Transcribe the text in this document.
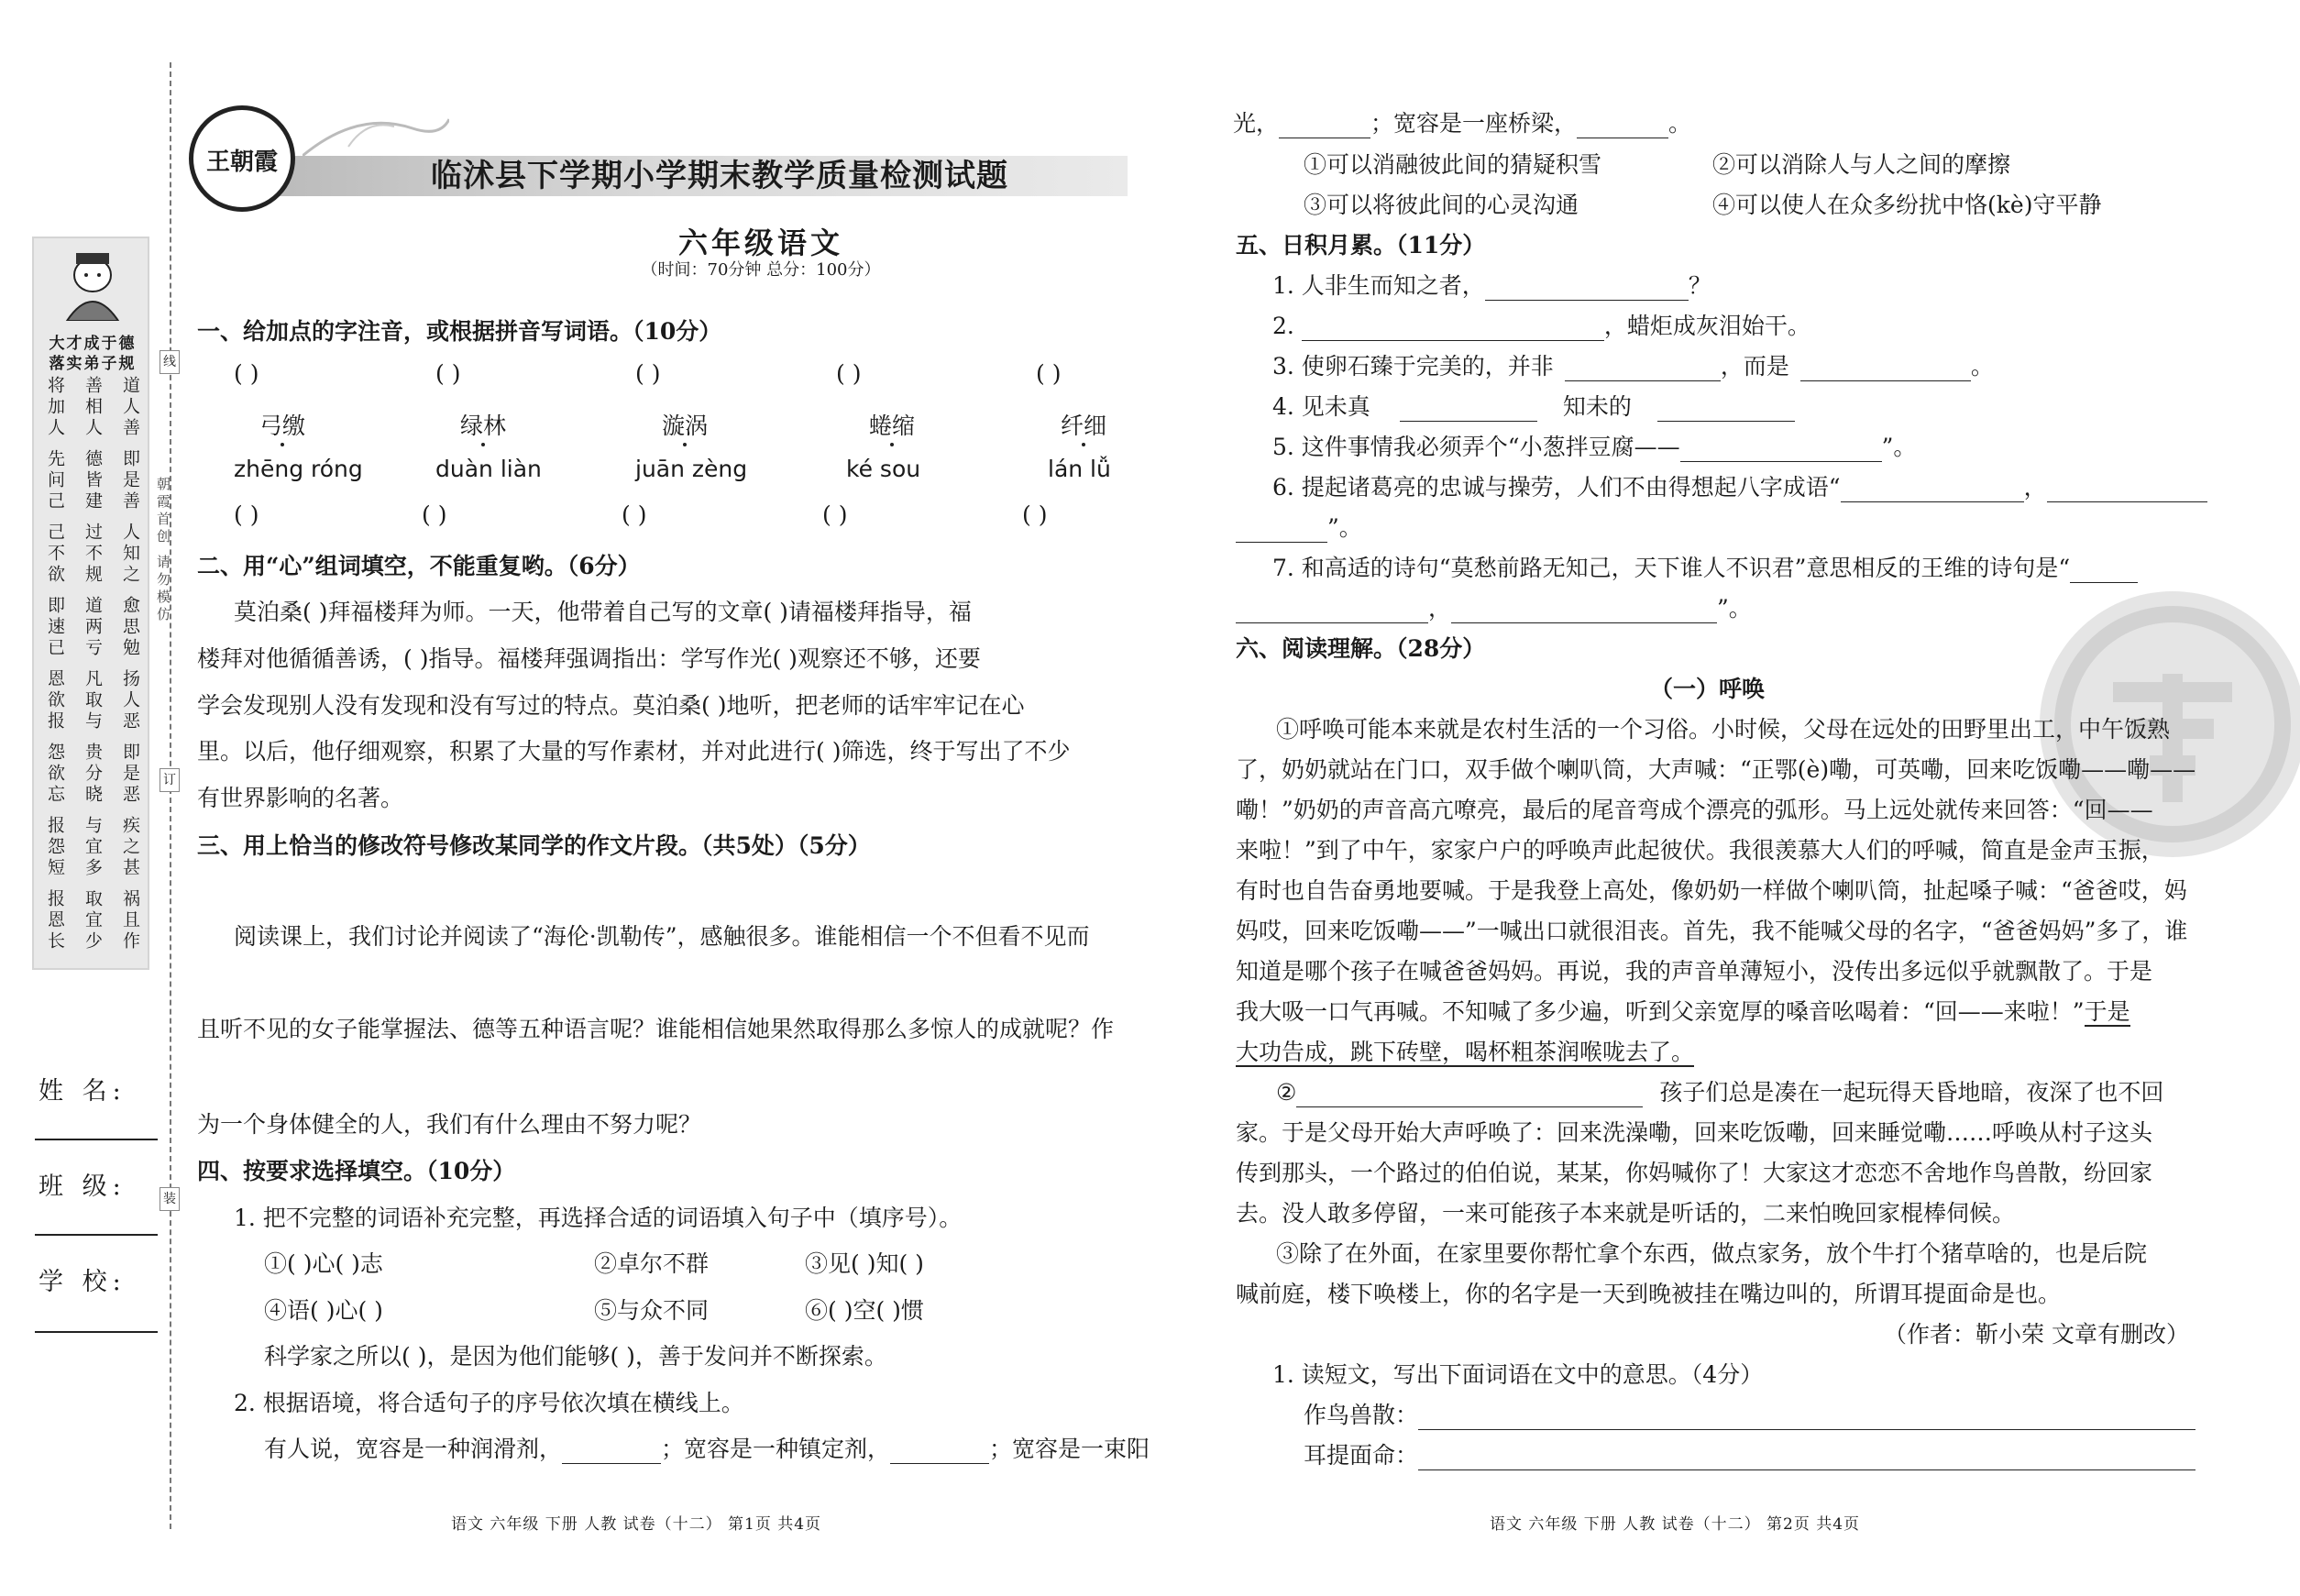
线
订
装
朝霞首创 请勿模仿
大才成于德
落实弟子规
将加人 善相人 道人善
先问己 德皆建 即是善
己不欲 过不规 人知之
即速已 道两亏 愈思勉
恩欲报 凡取与 扬人恶
怨欲忘 贵分晓 即是恶
报怨短 与宜多 疾之甚
报恩长 取宜少 祸且作
姓 名:
班 级:
学 校:
王朝霞	临沭县下学期小学期末教学质量检测试题
六年级语文
（时间：70分钟 总分：100分）
一、给加点的字注音，或根据拼音写词语。（10分）
( )	( )	( )	( )	( )
弓缴	绿林	漩涡	蜷缩	纤细
zhēng róng	duàn liàn	juān zèng	ké sou	lán lǚ
( )	( )	( )	( )	( )
二、用“心”组词填空，不能重复哟。（6分）
莫泊桑( )拜福楼拜为师。一天，他带着自己写的文章( )请福楼拜指导，福
楼拜对他循循善诱，( )指导。福楼拜强调指出：学写作光( )观察还不够，还要
学会发现别人没有发现和没有写过的特点。莫泊桑( )地听，把老师的话牢牢记在心
里。以后，他仔细观察，积累了大量的写作素材，并对此进行( )筛选，终于写出了不少
有世界影响的名著。
三、用上恰当的修改符号修改某同学的作文片段。（共5处）（5分）
阅读课上，我们讨论并阅读了“海伦·凯勒传”，感触很多。谁能相信一个不但看不见而
且听不见的女子能掌握法、德等五种语言呢？谁能相信她果然取得那么多惊人的成就呢？作
为一个身体健全的人，我们有什么理由不努力呢？
四、按要求选择填空。（10分）
1. 把不完整的词语补充完整，再选择合适的词语填入句子中（填序号）。
①( )心( )志	②卓尔不群	③见( )知( )
④语( )心( )	⑤与众不同	⑥( )空( )惯
科学家之所以( )，是因为他们能够( )，善于发问并不断探索。
2. 根据语境，将合适句子的序号依次填在横线上。
有人说，宽容是一种润滑剂，	；宽容是一种镇定剂，	；宽容是一束阳
光，	；宽容是一座桥梁，	。
①可以消融彼此间的猜疑积雪	②可以消除人与人之间的摩擦
③可以将彼此间的心灵沟通	④可以使人在众多纷扰中恪(kè)守平静
五、日积月累。（11分）
1. 人非生而知之者，	？
2.	，蜡炬成灰泪始干。
3. 使卵石臻于完美的，并非	，而是	。
4. 见未真	知未的
5. 这件事情我必须弄个“小葱拌豆腐——	”。
6. 提起诸葛亮的忠诚与操劳，人们不由得想起八字成语“	，
”。
7. 和高适的诗句“莫愁前路无知己，天下谁人不识君”意思相反的王维的诗句是“
，	”。
六、阅读理解。（28分）
（一）呼唤
①呼唤可能本来就是农村生活的一个习俗。小时候，父母在远处的田野里出工，中午饭熟
了，奶奶就站在门口，双手做个喇叭筒，大声喊：“正鄂(è)嘞，可英嘞，回来吃饭嘞——嘞——
嘞！”奶奶的声音高亢嘹亮，最后的尾音弯成个漂亮的弧形。马上远处就传来回答：“回——
来啦！”到了中午，家家户户的呼唤声此起彼伏。我很羡慕大人们的呼喊，简直是金声玉振，
有时也自告奋勇地要喊。于是我登上高处，像奶奶一样做个喇叭筒，扯起嗓子喊：“爸爸哎，妈
妈哎，回来吃饭嘞——”一喊出口就很泪丧。首先，我不能喊父母的名字，“爸爸妈妈”多了，谁
知道是哪个孩子在喊爸爸妈妈。再说，我的声音单薄短小，没传出多远似乎就飘散了。于是
我大吸一口气再喊。不知喊了多少遍，听到父亲宽厚的嗓音吆喝着：“回——来啦！”于是
大功告成，跳下砖壁，喝杯粗茶润喉咙去了。
②	孩子们总是凑在一起玩得天昏地暗，夜深了也不回
家。于是父母开始大声呼唤了：回来洗澡嘞，回来吃饭嘞，回来睡觉嘞……呼唤从村子这头
传到那头，一个路过的伯伯说，某某，你妈喊你了！大家这才恋恋不舍地作鸟兽散，纷回家
去。没人敢多停留，一来可能孩子本来就是听话的，二来怕晚回家棍棒伺候。
③除了在外面，在家里要你帮忙拿个东西，做点家务，放个牛打个猪草啥的，也是后院
喊前庭，楼下唤楼上，你的名字是一天到晚被挂在嘴边叫的，所谓耳提面命是也。
（作者：靳小荣 文章有删改）
1. 读短文，写出下面词语在文中的意思。（4分）
作鸟兽散：
耳提面命：
语文 六年级 下册 人教 试卷（十二） 第1页 共4页	语文 六年级 下册 人教 试卷（十二） 第2页 共4页
